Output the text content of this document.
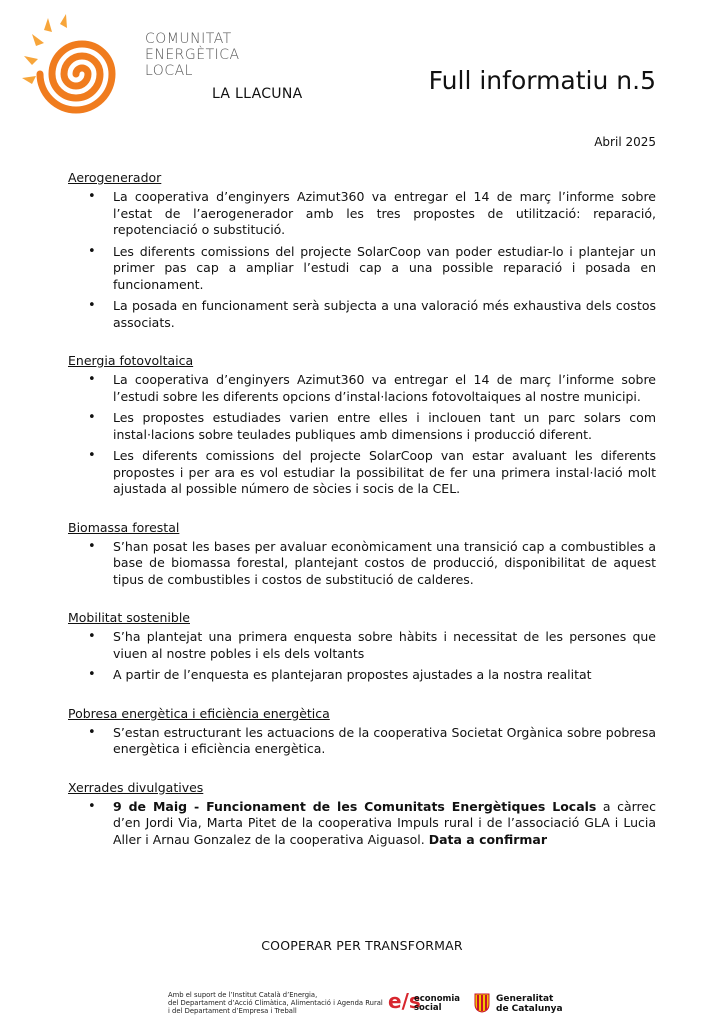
COMUNITAT
ENERGÈTICA
LOCAL
LA LLACUNA	Full informatiu n.5
Abril 2025
Aerogenerador
• La cooperativa d’enginyers Azimut360 va entregar el 14 de març l’informe sobre l’estat de l’aerogenerador amb les tres propostes de utilització: reparació, repotenciació o substitució.
• Les diferents comissions del projecte SolarCoop van poder estudiar-lo i plantejar un primer pas cap a ampliar l’estudi cap a una possible reparació i posada en funcionament.
• La posada en funcionament serà subjecta a una valoració més exhaustiva dels costos associats.
Energia fotovoltaica
• La cooperativa d’enginyers Azimut360 va entregar el 14 de març l’informe sobre l’estudi sobre les diferents opcions d’instal·lacions fotovoltaiques al nostre municipi.
• Les propostes estudiades varien entre elles i inclouen tant un parc solars com instal·lacions sobre teulades publiques amb dimensions i producció diferent.
• Les diferents comissions del projecte SolarCoop van estar avaluant les diferents propostes i per ara es vol estudiar la possibilitat de fer una primera instal·lació molt ajustada al possible número de sòcies i socis de la CEL.
Biomassa forestal
• S’han posat les bases per avaluar econòmicament una transició cap a combustibles a base de biomassa forestal, plantejant costos de producció, disponibilitat de aquest tipus de combustibles i costos de substitució de calderes.
Mobilitat sostenible
• S’ha plantejat una primera enquesta sobre hàbits i necessitat de les persones que viuen al nostre pobles i els dels voltants
• A partir de l’enquesta es plantejaran propostes ajustades a la nostra realitat
Pobresa energètica i eficiència energètica
• S’estan estructurant les actuacions de la cooperativa Societat Orgànica sobre pobresa energètica i eficiència energètica.
Xerrades divulgatives
• 9 de Maig - Funcionament de les Comunitats Energètiques Locals a càrrec d’en Jordi Via, Marta Pitet de la cooperativa Impuls rural i de l’associació GLA i Lucia Aller i Arnau Gonzalez de la cooperativa Aiguasol. Data a confirmar
COOPERAR PER TRANSFORMAR
Amb el suport de l’Institut Català d’Energia,
del Departament d’Acció Climàtica, Alimentació i Agenda Rural
i del Departament d’Empresa i Treball	e/s
economia
social
Generalitat
de Catalunya
